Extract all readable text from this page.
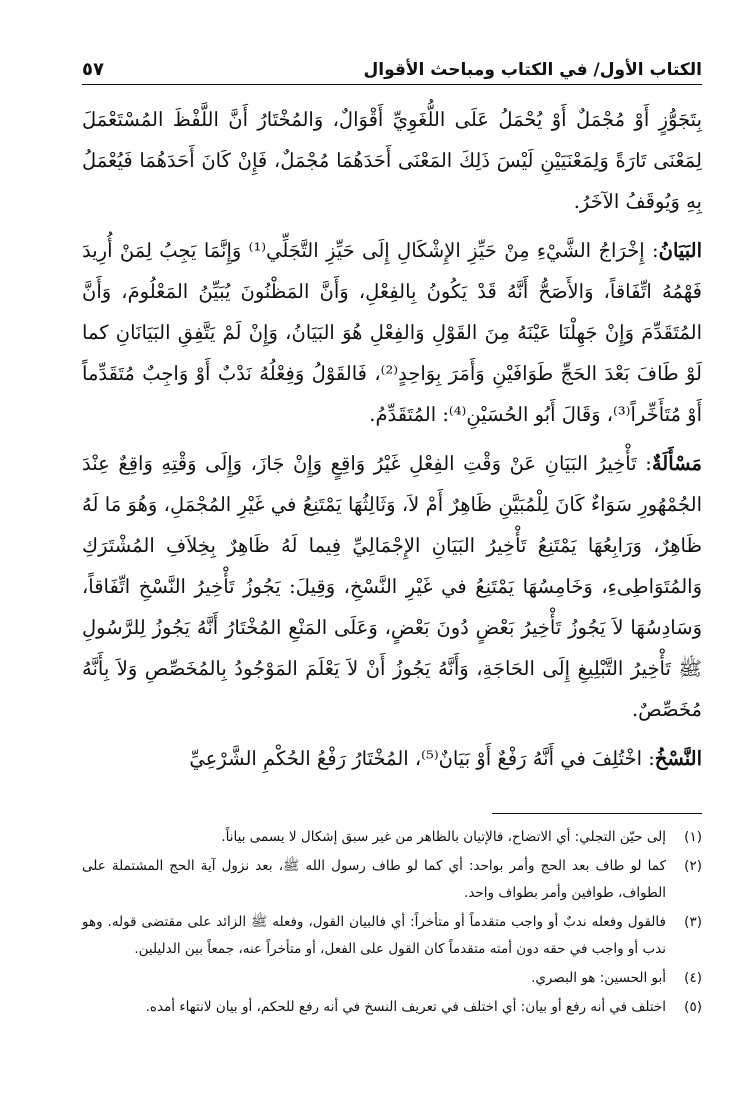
الكتاب الأول/ في الكتاب ومباحث الأقوال
٥٧

بِتَجَوُّزٍ أَوْ مُجْمَلٌ أَوْ يُحْمَلُ عَلَى اللُّغَوِيِّ أَقْوَالٌ، وَالمُخْتَارُ أَنَّ اللَّفْظَ المُسْتَعْمَلَ لِمَعْنَى تَارَةً وَلِمَعْنَيَيْنِ لَيْسَ ذَلِكَ المَعْنَى أَحَدَهُمَا مُجْمَلٌ، فَإِنْ كَانَ أَحَدَهُمَا فَيُعْمَلُ بِهِ وَيُوقَفُ الآخَرُ.

البَيَانُ: إِخْرَاجُ الشَّيْءِ مِنْ حَيِّزِ الإِشْكَالِ إِلَى حَيِّزِ التَّجَلِّي⁽¹⁾ وَإِنَّمَا يَجِبُ لِمَنْ أُرِيدَ فَهْمُهُ اتِّفَاقاً، وَالأَصَحُّ أَنَّهُ قَدْ يَكُونُ بِالفِعْلِ، وَأَنَّ المَظْنُونَ يُبَيِّنُ المَعْلُومَ، وَأَنَّ المُتَقَدِّمَ وَإِنْ جَهِلْنَا عَيْنَهُ مِنَ القَوْلِ وَالفِعْلِ هُوَ البَيَانُ، وَإِنْ لَمْ يَتَّفِقِ البَيَانَانِ كما لَوْ طَافَ بَعْدَ الحَجِّ طَوَافَيْنِ وَأَمَرَ بِوَاحِدٍ⁽²⁾، فَالقَوْلُ وَفِعْلُهُ نَدْبٌ أَوْ وَاجِبٌ مُتَقَدِّماً أَوْ مُتَأَخِّراً⁽³⁾، وَقَالَ أَبُو الحُسَيْنِ⁽⁴⁾: المُتَقَدِّمُ.

مَسْأَلَةٌ: تَأْخِيرُ البَيَانِ عَنْ وَقْتِ الفِعْلِ غَيْرُ وَاقِعٍ وَإِنْ جَازَ، وَإِلَى وَقْتِهِ وَاقِعٌ عِنْدَ الجُمْهُورِ سَوَاءٌ كَانَ لِلْمُبَيَّنِ ظَاهِرٌ أَمْ لاَ، وَثَالِثُهَا يَمْتَنِعُ في غَيْرِ المُجْمَلِ، وَهُوَ مَا لَهُ ظَاهِرٌ، وَرَابِعُهَا يَمْتَنِعُ تَأْخِيرُ البَيَانِ الإِجْمَالِيِّ فِيما لَهُ ظَاهِرٌ بِخِلاَفِ المُشْتَرَكِ وَالمُتَوَاطِىءِ، وَخَامِسُهَا يَمْتَنِعُ في غَيْرِ النَّسْخِ، وَقِيلَ: يَجُوزُ تَأْخِيرُ النَّسْخِ اتِّفَاقاً، وَسَادِسُهَا لاَ يَجُوزُ تَأْخِيرُ بَعْضٍ دُونَ بَعْضٍ، وَعَلَى المَنْعِ المُخْتَارُ أَنَّهُ يَجُوزُ لِلرَّسُولِ ﷺ تَأْخِيرُ التَّبْلِيغِ إِلَى الحَاجَةِ، وَأَنَّهُ يَجُوزُ أَنْ لاَ يَعْلَمَ المَوْجُودُ بِالمُخَصِّصِ وَلاَ بِأَنَّهُ مُخَصِّصٌ.

النَّسْخُ: اخْتُلِفَ في أَنَّهُ رَفْعٌ أَوْ بَيَانٌ⁽⁵⁾، المُخْتَارُ رَفْعُ الحُكْمِ الشَّرْعِيِّ

(١)
إلى حيّن التجلي: أي الاتضاح، فالإتيان بالظاهر من غير سبق إشكال لا يسمى بياناً.
(٢)
كما لو طاف بعد الحج وأمر بواحد: أي كما لو طاف رسول الله ﷺ، بعد نزول آية الحج المشتملة على الطواف، طوافين وأمر بطواف واحد.
(٣)
فالقول وفعله ندبٌ أو واجب متقدماً أو متأخراً: أي فالبيان القول، وفعله ﷺ الزائد على مقتضى قوله. وهو ندب أو واجب في حقه دون أمته متقدماً كان القول على الفعل، أو متأخراً عنه، جمعاً بين الدليلين.
(٤)
أبو الحسين: هو البصري.
(٥)
اختلف في أنه رفع أو بيان: أي اختلف في تعريف النسخ في أنه رفع للحكم، أو بيان لانتهاء أمده.
